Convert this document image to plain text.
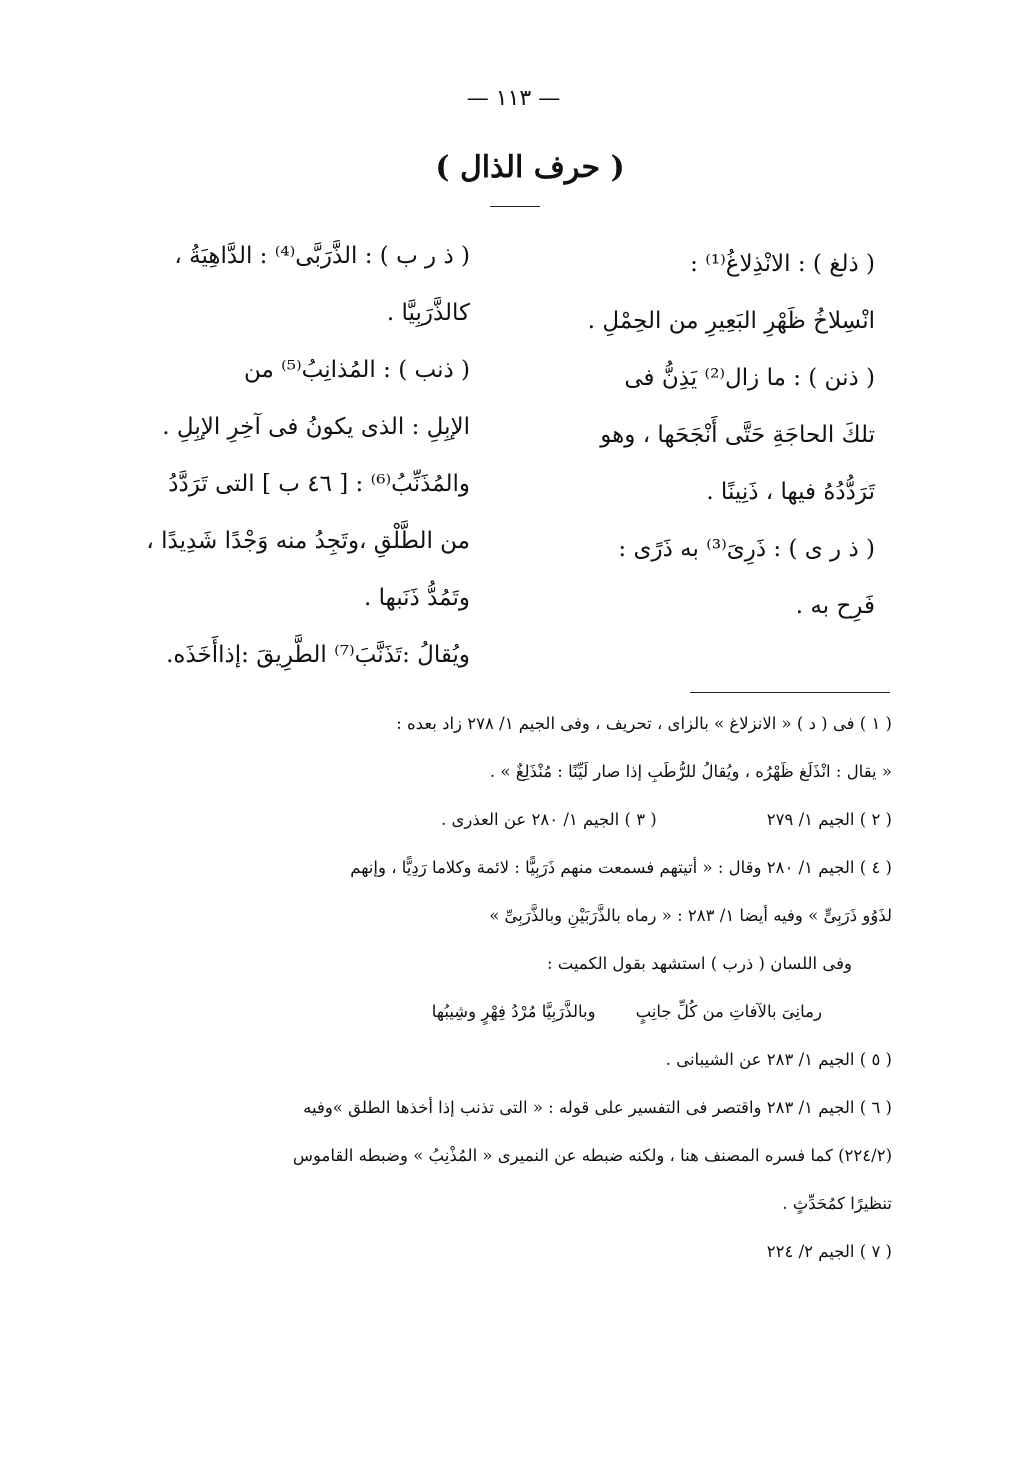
— ١١٣ —
( حرف الذال )
( ذلغ ) : الانْذِلاغُ⁽¹⁾ :
انْسِلاخُ ظَهْرِ البَعِيرِ من الحِمْلِ .
( ذنن ) : ما زال⁽²⁾ يَذِنُّ فى
تلكَ الحاجَةِ حَتَّى أَنْجَحَها ، وهو
تَرَدُّدُهُ فيها ، ذَنِينًا .
( ذ ر ى ) : ذَرِىَ⁽³⁾ به ذَرًى :
فَرِح به .
( ذ ر ب ) : الذَّرَبَّى⁽⁴⁾ : الدَّاهِيَةُ ،
كالذَّرَبِيَّا .
( ذنب ) : المُذانِبُ⁽⁵⁾ من
الإبِلِ : الذى يكونُ فى آخِرِ الإبِلِ .
والمُذَنِّبُ⁽⁶⁾ : [ ٤٦ ب ] التى تَرَدَّدُ
من الطَّلْقِ ،وتَجِدُ منه وَجْدًا شَدِيدًا ،
وتَمُدُّ ذَنَبها .
ويُقالُ :تَذَنَّبَ⁽⁷⁾ الطَّرِيقَ :إذاأَخَذَه.
( ١ ) فى ( د ) « الانزلاغ » بالزاى ، تحريف ، وفى الجيم ١/ ٢٧٨ زاد بعده :
« يقال : انْذَلَغ ظَهْرُه ، ويُقالُ للرُّطَبِ إذا صار لَيِّنًا : مُنْذَلِغٌ » .
( ٢ ) الجيم ١/ ٢٧٩
( ٣ ) الجيم ١/ ٢٨٠ عن العذرى .
( ٤ ) الجيم ١/ ٢٨٠ وقال : « أتيتهم فسمعت منهم ذَرَبِيًّا : لائمة وكلاما رَدِيًّا ، وإنهم
لذَوُو ذَرَبِىٍّ » وفيه أيضا ١/ ٢٨٣ : « رماه بالذَّرَبَيْنِ وبالذَّرَبِىِّ »
وفى اللسان ( ذرب ) استشهد بقول الكميت :
رمانِىَ بالآفاتِ من كُلِّ جانِبٍ
وبالذَّرَبِيَّا مُرْدُ فِهْرٍ وشِيبُها
( ٥ ) الجيم ١/ ٢٨٣ عن الشيبانى .
( ٦ ) الجيم ١/ ٢٨٣ واقتصر فى التفسير على قوله : « التى تذنب إذا أخذها الطلق »وفيه
(٢٢٤/٢) كما فسره المصنف هنا ، ولكنه ضبطه عن النميرى « المُذْنِبُ » وضبطه القاموس
تنظيرًا كمُحَدِّثٍ .
( ٧ ) الجيم ٢/ ٢٢٤
